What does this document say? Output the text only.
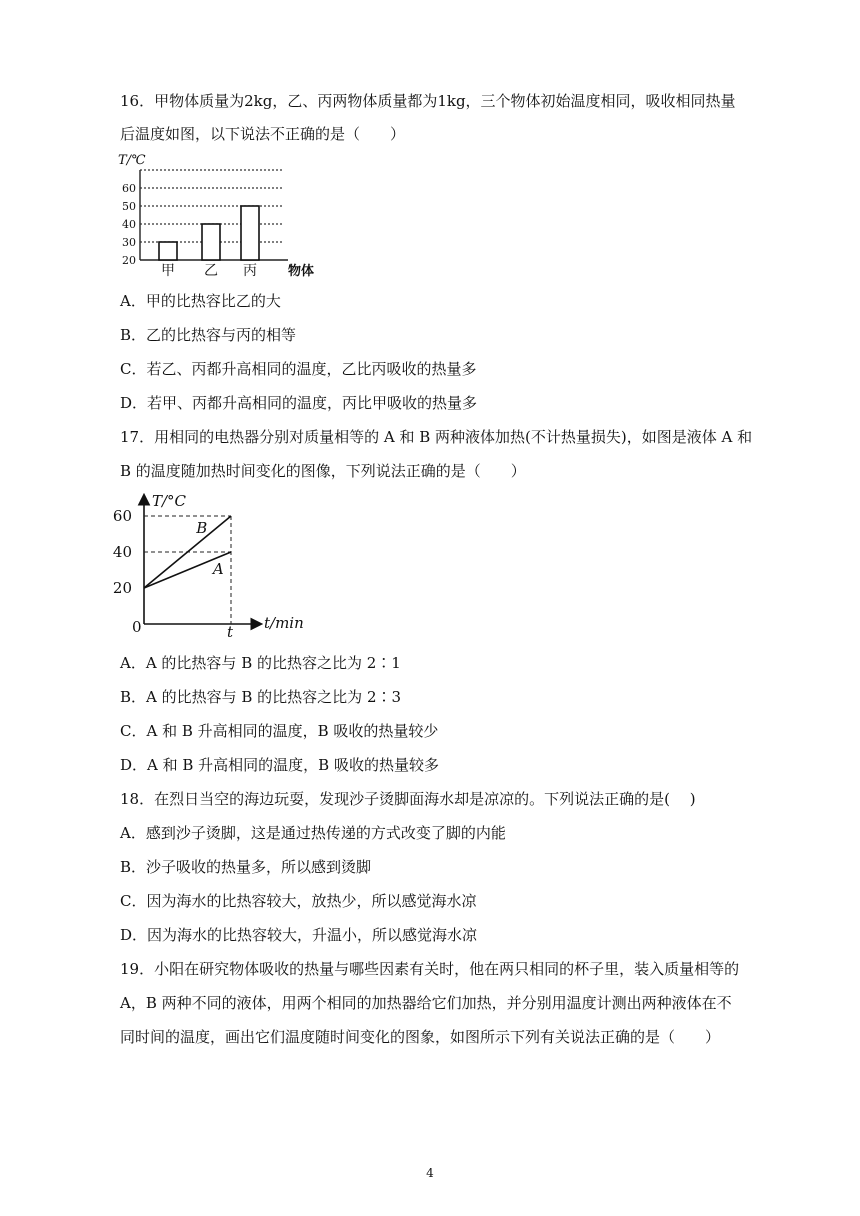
16．甲物体质量为2kg，乙、丙两物体质量都为1kg，三个物体初始温度相同，吸收相同热量
后温度如图，以下说法不正确的是（　　）
T/℃
20
30
40
50
60
甲 乙 丙 物体
A．甲的比热容比乙的大
B．乙的比热容与丙的相等
C．若乙、丙都升高相同的温度，乙比丙吸收的热量多
D．若甲、丙都升高相同的温度，丙比甲吸收的热量多
17．用相同的电热器分别对质量相等的 A 和 B 两种液体加热(不计热量损失)，如图是液体 A 和
B 的温度随加热时间变化的图像，下列说法正确的是（　　）
T/°C
t/min
0	t
20
40
60
A
B
A．A 的比热容与 B 的比热容之比为 2∶1
B．A 的比热容与 B 的比热容之比为 2∶3
C．A 和 B 升高相同的温度，B 吸收的热量较少
D．A 和 B 升高相同的温度，B 吸收的热量较多
18．在烈日当空的海边玩耍，发现沙子烫脚面海水却是凉凉的。下列说法正确的是(　 )
A．感到沙子烫脚，这是通过热传递的方式改变了脚的内能
B．沙子吸收的热量多，所以感到烫脚
C．因为海水的比热容较大，放热少，所以感觉海水凉
D．因为海水的比热容较大，升温小，所以感觉海水凉
19．小阳在研究物体吸收的热量与哪些因素有关时，他在两只相同的杯子里，装入质量相等的
A，B 两种不同的液体，用两个相同的加热器给它们加热，并分别用温度计测出两种液体在不
同时间的温度，画出它们温度随时间变化的图象，如图所示下列有关说法正确的是（　　）
4
